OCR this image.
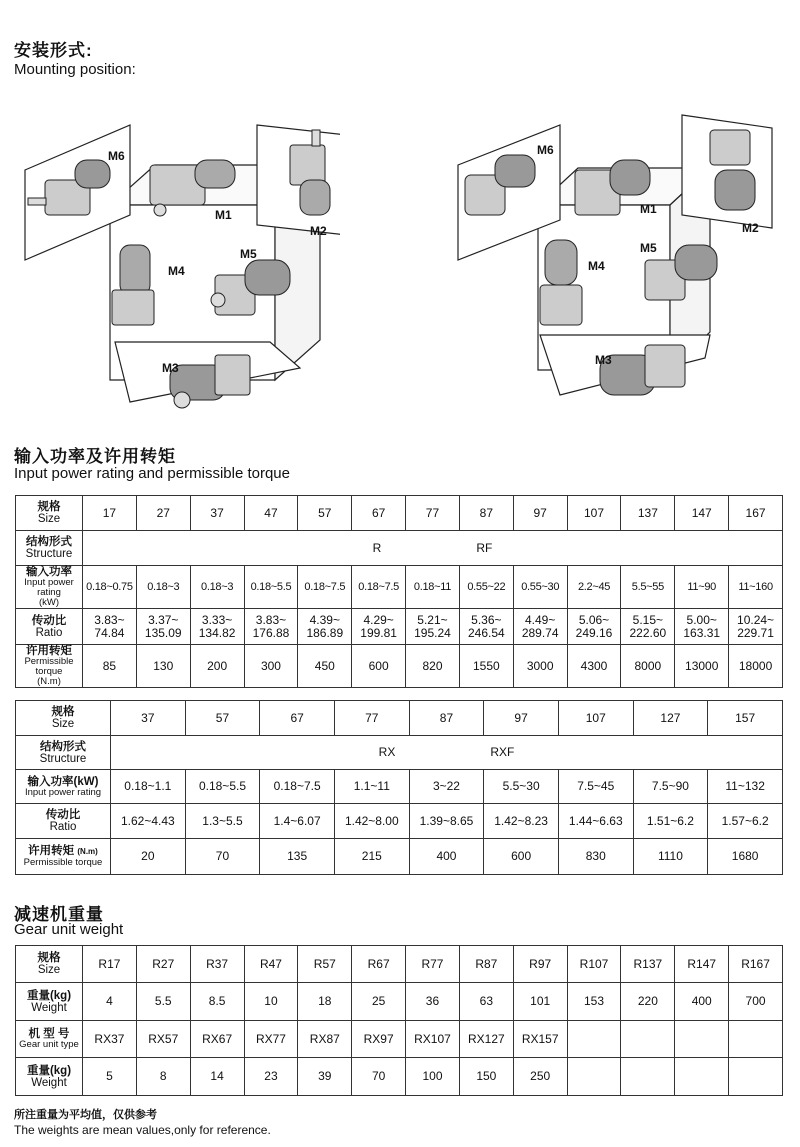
安装形式:
Mounting position:
M1
M2
M3
M4
M5
M6
M1
M2
M3
M4
M5
M6
输入功率及许用转矩
Input power rating and permissible torque
规格
Size	17	27	37	47	57	67	77	87	97	107	137	147	167

结构形式
Structure	R RF												

输入功率
Input power rating
(kW)	0.18~0.75	0.18~3	0.18~3	0.18~5.5	0.18~7.5	0.18~7.5	0.18~11	0.55~22	0.55~30	2.2~45	5.5~55	11~90	11~160

传动比
Ratio	3.83~
74.84	3.37~
135.09	3.33~
134.82	3.83~
176.88	4.39~
186.89	4.29~
199.81	5.21~
195.24	5.36~
246.54	4.49~
289.74	5.06~
249.16	5.15~
222.60	5.00~
163.31	10.24~
229.71

许用转矩
Permissible torque
(N.m)	85	130	200	300	450	600	820	1550	3000	4300	8000	13000	18000
规格
Size	37	57	67	77	87	97	107	127	157

结构形式
Structure	RX RXF								

输入功率(kW)
Input power rating	0.18~1.1	0.18~5.5	0.18~7.5	1.1~11	3~22	5.5~30	7.5~45	7.5~90	11~132

传动比
Ratio	1.62~4.43	1.3~5.5	1.4~6.07	1.42~8.00	1.39~8.65	1.42~8.23	1.44~6.63	1.51~6.2	1.57~6.2

许用转矩 (N.m)
Permissible torque	20	70	135	215	400	600	830	1110	1680
减速机重量
Gear unit weight
规格
Size	R17	R27	R37	R47	R57	R67	R77	R87	R97	R107	R137	R147	R167

重量(kg)
Weight	4	5.5	8.5	10	18	25	36	63	101	153	220	400	700

机 型 号
Gear unit type	RX37	RX57	RX67	RX77	RX87	RX97	RX107	RX127	RX157				

重量(kg)
Weight	5	8	14	23	39	70	100	150	250				
所注重量为平均值，仅供参考
The weights are mean values,only for reference.
